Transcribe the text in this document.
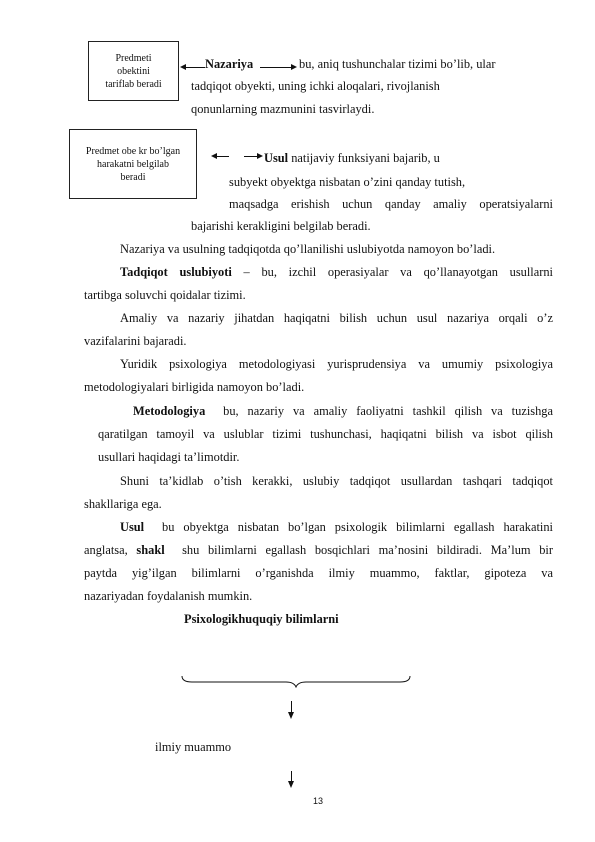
Predmeti
obektini
tariflab beradi
Nazariya	bu, aniq tushunchalar tizimi bo’lib, ular
tadqiqot obyekti, uning ichki aloqalari, rivojlanish
qonunlarning mazmunini tasvirlaydi.
Predmet obe kr bo’lgan
harakatni belgilab
beradi
Usul natijaviy funksiyani bajarib, u
subyekt obyektga nisbatan o’zini qanday tutish,
maqsadga erishish uchun qanday amaliy operatsiyalarni
bajarishi kerakligini belgilab beradi.
Nazariya va usulning tadqiqotda qo’llanilishi uslubiyotda namoyon bo’ladi.
Tadqiqot uslubiyoti – bu, izchil operasiyalar va qo’llanayotgan usullarni
tartibga soluvchi qoidalar tizimi.
Amaliy va nazariy jihatdan haqiqatni bilish uchun usul nazariya orqali o’z
vazifalarini bajaradi.
Yuridik psixologiya metodologiyasi yurisprudensiya va umumiy psixologiya
metodologiyalari birligida namoyon bo’ladi.
Metodologiya bu, nazariy va amaliy faoliyatni tashkil qilish va tuzishga
qaratilgan tamoyil va uslublar tizimi tushunchasi, haqiqatni bilish va isbot qilish
usullari haqidagi ta’limotdir.
Shuni ta’kidlab o’tish kerakki, uslubiy tadqiqot usullardan tashqari tadqiqot
shakllariga ega.
Usul bu obyektga nisbatan bo’lgan psixologik bilimlarni egallash harakatini
anglatsa, shakl shu bilimlarni egallash bosqichlari ma’nosini bildiradi. Ma’lum bir
paytda yig’ilgan bilimlarni o’rganishda ilmiy muammo, faktlar, gipoteza va
nazariyadan foydalanish mumkin.
Psixologikhuquqiy bilimlarni
ilmiy muammo
13
